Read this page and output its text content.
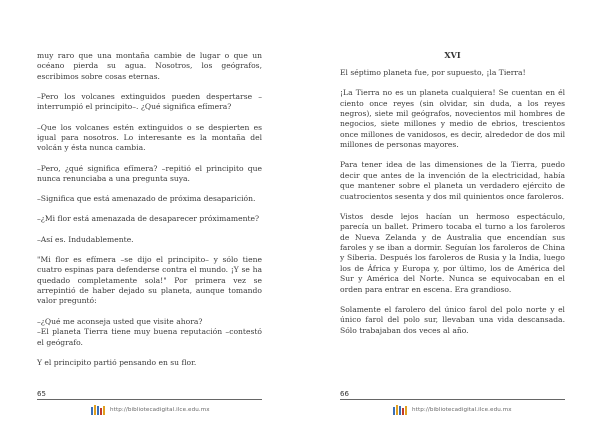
muy raro que una montaña cambie de lugar o que un océano pierda su agua. Nosotros, los geógrafos, escribimos sobre cosas eternas.

–Pero los volcanes extinguidos pueden despertarse –interrumpió el principito–. ¿Qué significa efímera?

–Que los volcanes estén extinguidos o se despierten es igual para nosotros. Lo interesante es la montaña del volcán y ésta nunca cambia.

–Pero, ¿qué significa efímera? –repitió el principito que nunca renunciaba a una pregunta suya.

–Significa que está amenazado de próxima desaparición.

–¿Mi flor está amenazada de desaparecer próximamente?

–Así es. Indudablemente.

"Mi flor es efímera –se dijo el principito– y sólo tiene cuatro espinas para defenderse contra el mundo. ¡Y se ha quedado completamente sola!" Por primera vez se arrepintió de haber dejado su planeta, aunque tomando valor preguntó:

–¿Qué me aconseja usted que visite ahora?

–El planeta Tierra tiene muy buena reputación –contestó el geógrafo.

Y el principito partió pensando en su flor.

65
http://bibliotecadigital.ilce.edu.mx
XVI

El séptimo planeta fue, por supuesto, ¡la Tierra!

¡La Tierra no es un planeta cualquiera! Se cuentan en él ciento once reyes (sin olvidar, sin duda, a los reyes negros), siete mil geógrafos, novecientos mil hombres de negocios, siete millones y medio de ebrios, trescientos once millones de vanidosos, es decir, alrededor de dos mil millones de personas mayores.

Para tener idea de las dimensiones de la Tierra, puedo decir que antes de la invención de la electricidad, había que mantener sobre el planeta un verdadero ejército de cuatrocientos sesenta y dos mil quinientos once faroleros.

Vistos desde lejos hacían un hermoso espectáculo, parecía un ballet. Primero tocaba el turno a los faroleros de Nueva Zelanda y de Australia que encendían sus faroles y se iban a dormir. Seguían los faroleros de China y Siberia. Después los faroleros de Rusia y la India, luego los de África y Europa y, por último, los de América del Sur y América del Norte. Nunca se equivocaban en el orden para entrar en escena. Era grandioso.

Solamente el farolero del único farol del polo norte y el único farol del polo sur, llevaban una vida descansada. Sólo trabajaban dos veces al año.

66
http://bibliotecadigital.ilce.edu.mx
